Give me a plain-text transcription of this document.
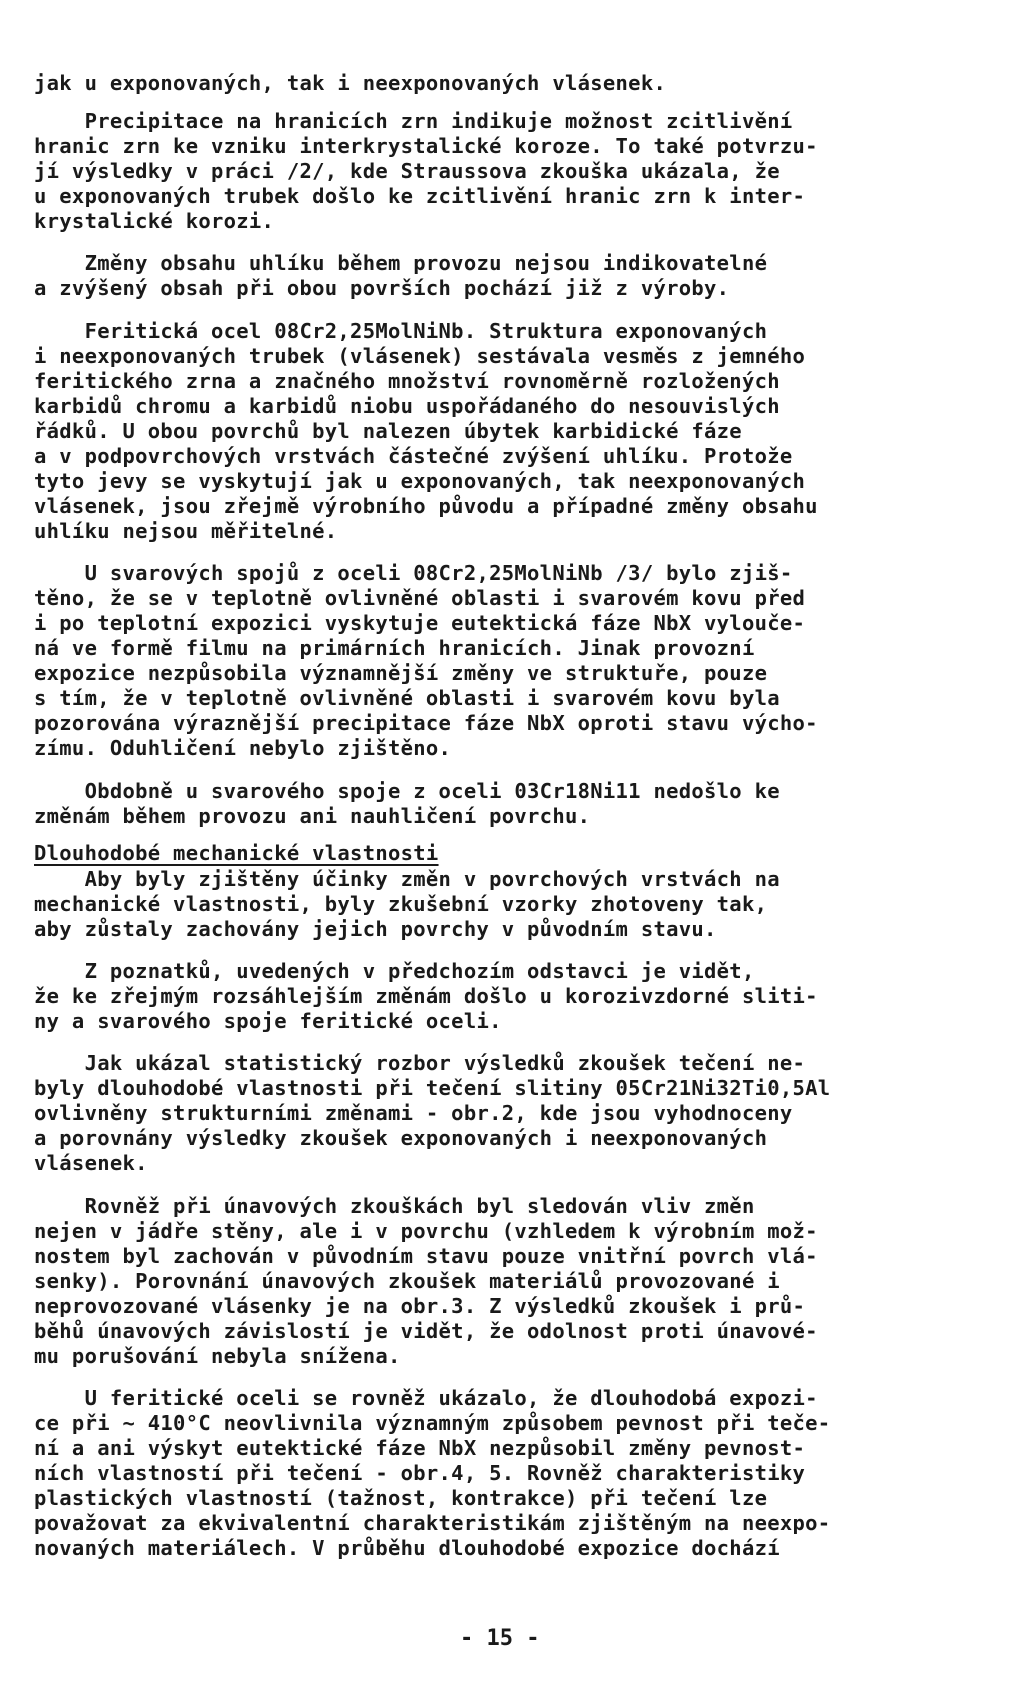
jak u exponovaných, tak i neexponovaných vlásenek.
Precipitace na hranicích zrn indikuje možnost zcitlivění
hranic zrn ke vzniku interkrystalické koroze. To také potvrzu-
jí výsledky v práci /2/, kde Straussova zkouška ukázala, že
u exponovaných trubek došlo ke zcitlivění hranic zrn k inter-
krystalické korozi.
Změny obsahu uhlíku během provozu nejsou indikovatelné
a zvýšený obsah při obou površích pochází již z výroby.
Feritická ocel 08Cr2,25MolNiNb. Struktura exponovaných
i neexponovaných trubek (vlásenek) sestávala vesměs z jemného
feritického zrna a značného množství rovnoměrně rozložených
karbidů chromu a karbidů niobu uspořádaného do nesouvislých
řádků. U obou povrchů byl nalezen úbytek karbidické fáze
a v podpovrchových vrstvách částečné zvýšení uhlíku. Protože
tyto jevy se vyskytují jak u exponovaných, tak neexponovaných
vlásenek, jsou zřejmě výrobního původu a případné změny obsahu
uhlíku nejsou měřitelné.
U svarových spojů z oceli 08Cr2,25MolNiNb /3/ bylo zjiš-
těno, že se v teplotně ovlivněné oblasti i svarovém kovu před
i po teplotní expozici vyskytuje eutektická fáze NbX vylouče-
ná ve formě filmu na primárních hranicích. Jinak provozní
expozice nezpůsobila významnější změny ve struktuře, pouze
s tím, že v teplotně ovlivněné oblasti i svarovém kovu byla
pozorována výraznější precipitace fáze NbX oproti stavu výcho-
zímu. Oduhličení nebylo zjištěno.
Obdobně u svarového spoje z oceli 03Cr18Ni11 nedošlo ke
změnám během provozu ani nauhličení povrchu.
Dlouhodobé mechanické vlastnosti
Aby byly zjištěny účinky změn v povrchových vrstvách na
mechanické vlastnosti, byly zkušební vzorky zhotoveny tak,
aby zůstaly zachovány jejich povrchy v původním stavu.
Z poznatků, uvedených v předchozím odstavci je vidět,
že ke zřejmým rozsáhlejším změnám došlo u korozivzdorné sliti-
ny a svarového spoje feritické oceli.
Jak ukázal statistický rozbor výsledků zkoušek tečení ne-
byly dlouhodobé vlastnosti při tečení slitiny 05Cr21Ni32Ti0,5Al
ovlivněny strukturními změnami - obr.2, kde jsou vyhodnoceny
a porovnány výsledky zkoušek exponovaných i neexponovaných
vlásenek.
Rovněž při únavových zkouškách byl sledován vliv změn
nejen v jádře stěny, ale i v povrchu (vzhledem k výrobním mož-
nostem byl zachován v původním stavu pouze vnitřní povrch vlá-
senky). Porovnání únavových zkoušek materiálů provozované i
neprovozované vlásenky je na obr.3. Z výsledků zkoušek i prů-
běhů únavových závislostí je vidět, že odolnost proti únavové-
mu porušování nebyla snížena.
U feritické oceli se rovněž ukázalo, že dlouhodobá expozi-
ce při ~ 410°C neovlivnila významným způsobem pevnost při teče-
ní a ani výskyt eutektické fáze NbX nezpůsobil změny pevnost-
ních vlastností při tečení - obr.4, 5. Rovněž charakteristiky
plastických vlastností (tažnost, kontrakce) při tečení lze
považovat za ekvivalentní charakteristikám zjištěným na neexpo-
novaných materiálech. V průběhu dlouhodobé expozice dochází
- 15 -
